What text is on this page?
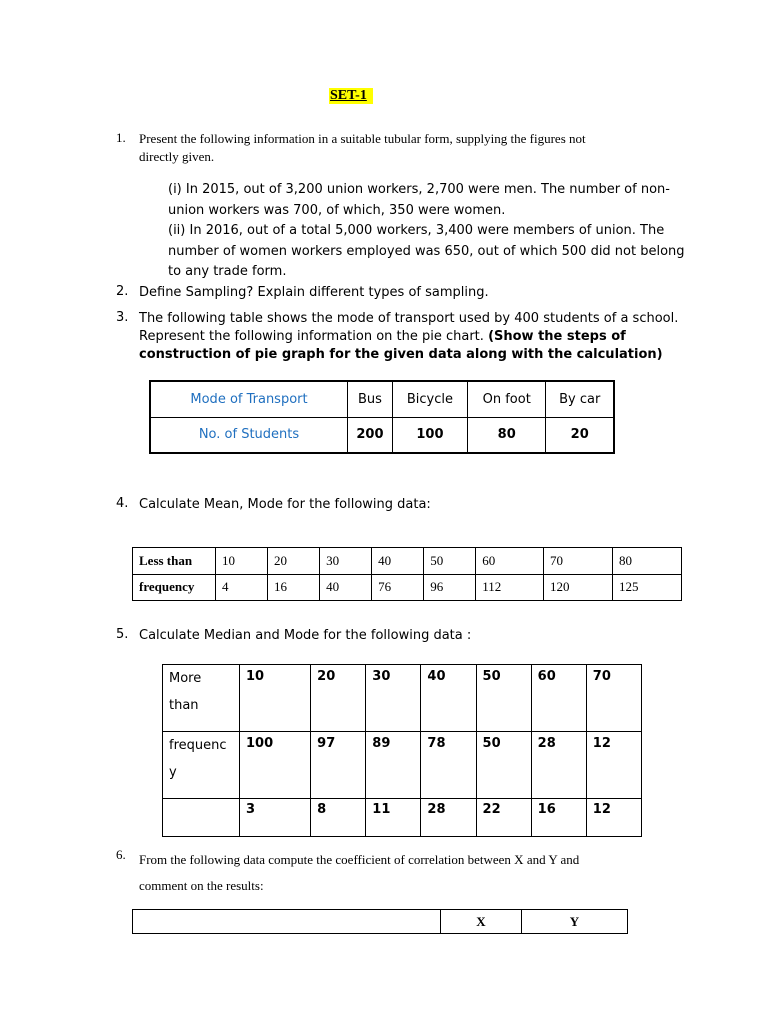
SET-1
1. Present the following information in a suitable tubular form, supplying the figures not
directly given.
(i) In 2015, out of 3,200 union workers, 2,700 were men. The number of non-
union workers was 700, of which, 350 were women.
(ii) In 2016, out of a total 5,000 workers, 3,400 were members of union. The
number of women workers employed was 650, out of which 500 did not belong
to any trade form.
2. Define Sampling? Explain different types of sampling.
3. The following table shows the mode of transport used by 400 students of a school.
Represent the following information on the pie chart. (Show the steps of
construction of pie graph for the given data along with the calculation)
Mode of Transport	Bus	Bicycle	On foot	By car
No. of Students	200	100	80	20
4. Calculate Mean, Mode for the following data:
Less than	10	20	30	40	50	60	70	80
frequency	4	16	40	76	96	112	120	125
5. Calculate Median and Mode for the following data :
More than	10	20	30	40	50	60	70
frequency	100	97	89	78	50	28	12
	3	8	11	28	22	16	12
6. From the following data compute the coefficient of correlation between X and Y and
comment on the results:
	X	Y
